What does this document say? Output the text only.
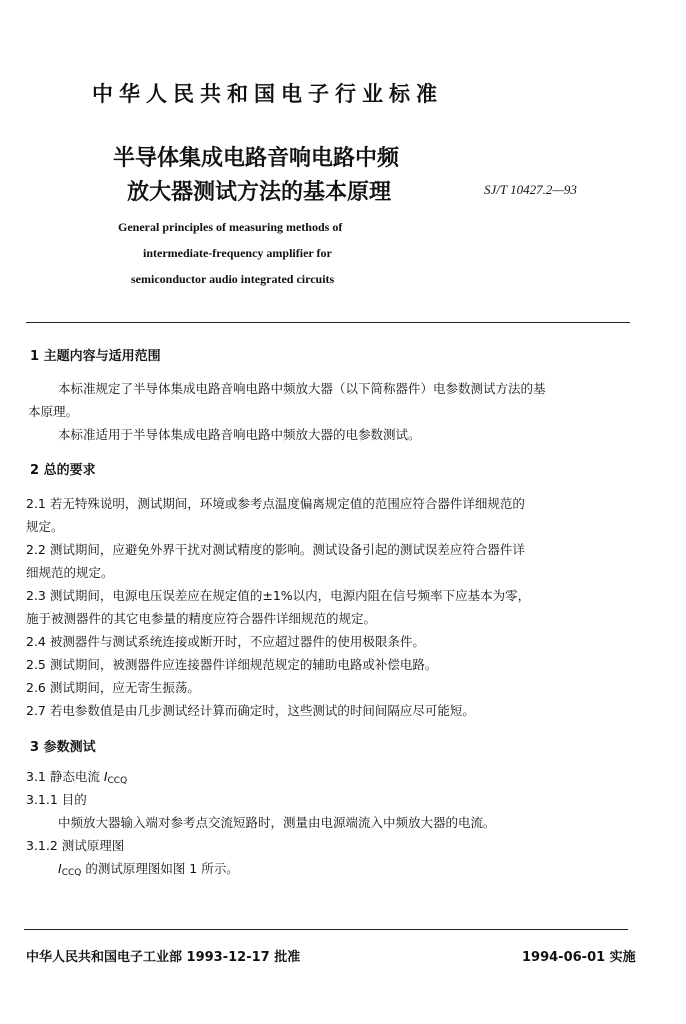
中华人民共和国电子行业标准
半导体集成电路音响电路中频
放大器测试方法的基本原理	SJ/T 10427.2—93
General principles of measuring methods of
intermediate-frequency amplifier for
semiconductor audio integrated circuits
1 主题内容与适用范围
本标准规定了半导体集成电路音响电路中频放大器（以下简称器件）电参数测试方法的基
本原理。
本标准适用于半导体集成电路音响电路中频放大器的电参数测试。
2 总的要求
2.1 若无特殊说明，测试期间，环境或参考点温度偏离规定值的范围应符合器件详细规范的
规定。
2.2 测试期间，应避免外界干扰对测试精度的影响。测试设备引起的测试误差应符合器件详
细规范的规定。
2.3 测试期间，电源电压误差应在规定值的±1%以内，电源内阻在信号频率下应基本为零，
施于被测器件的其它电参量的精度应符合器件详细规范的规定。
2.4 被测器件与测试系统连接或断开时，不应超过器件的使用极限条件。
2.5 测试期间，被测器件应连接器件详细规范规定的辅助电路或补偿电路。
2.6 测试期间，应无寄生振荡。
2.7 若电参数值是由几步测试经计算而确定时，这些测试的时间间隔应尽可能短。
3 参数测试
3.1 静态电流 $I_{CCQ}$
3.1.1 目的
中频放大器输入端对参考点交流短路时，测量由电源端流入中频放大器的电流。
3.1.2 测试原理图
$I_{CCQ}$ 的测试原理图如图 1 所示。
中华人民共和国电子工业部 1993-12-17 批准	1994-06-01 实施
